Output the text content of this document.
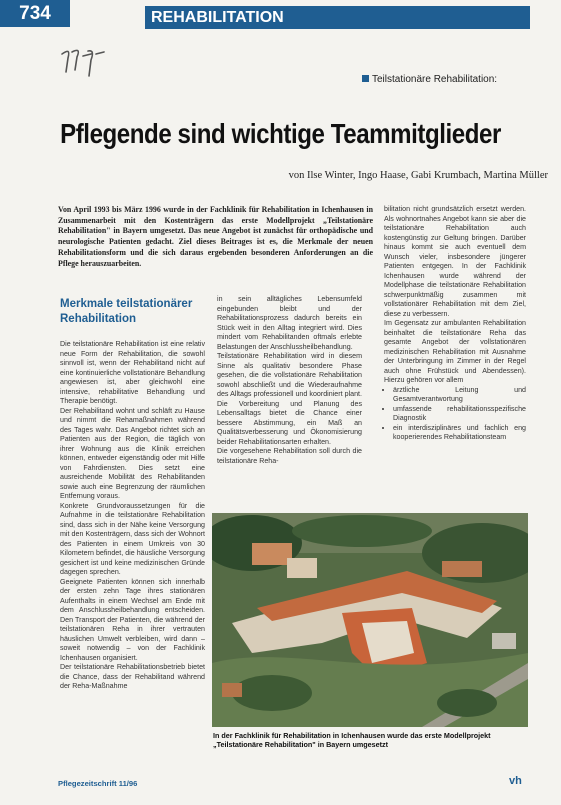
734	REHABILITATION
Teilstationäre Rehabilitation:
Pflegende sind wichtige Teammitglieder
von Ilse Winter, Ingo Haase, Gabi Krumbach, Martina Müller
Von April 1993 bis März 1996 wurde in der Fachklinik für Rehabilitation in Ichenhausen in Zusammenarbeit mit den Kostenträgern das erste Modellprojekt „Teilstationäre Rehabilitation" in Bayern umgesetzt. Das neue Angebot ist zunächst für orthopädische und neurologische Patienten gedacht. Ziel dieses Beitrages ist es, die Merkmale der neuen Rehabilitationsform und die sich daraus ergebenden besonderen Anforderungen an die Pflege herauszuarbeiten.
Merkmale teilstationärer Rehabilitation

Die teilstationäre Rehabilitation ist eine relativ neue Form der Rehabilitation, die sowohl sinnvoll ist, wenn der Rehabilitand nicht auf eine kontinuierliche vollstationäre Behandlung angewiesen ist, aber gleichwohl eine intensive, rehabilitative Behandlung und Therapie benötigt.

Der Rehabilitand wohnt und schläft zu Hause und nimmt die Rehamaßnahmen während des Tages wahr. Das Angebot richtet sich an Patienten aus der Region, die täglich von ihrer Wohnung aus die Klinik erreichen können, entweder eigenständig oder mit Hilfe von Fahrdiensten. Dies setzt eine ausreichende Mobilität des Rehabilitanden sowie auch eine Begrenzung der räumlichen Entfernung voraus.

Konkrete Grundvoraussetzungen für die Aufnahme in die teilstationäre Rehabilitation sind, dass sich in der Nähe keine Versorgung mit den Kostenträgern, dass sich der Wohnort des Patienten in einem Umkreis von 30 Kilometern befindet, die häusliche Versorgung gesichert ist und keine medizinischen Gründe dagegen sprechen.

Geeignete Patienten können sich innerhalb der ersten zehn Tage ihres stationären Aufenthalts in einem Wechsel am Ende mit dem Anschlussheilbehandlung entscheiden. Den Transport der Patienten, die während der teilstationären Reha in ihrer vertrauten häuslichen Umwelt verbleiben, wird dann – soweit notwendig – von der Fachklinik Ichenhausen organisiert.

Der teilstationäre Rehabilitationsbetrieb bietet die Chance, dass der Rehabilitand während der Reha-Maßnahme

in sein alltägliches Lebensumfeld eingebunden bleibt und der Rehabilitationsprozess dadurch bereits ein Stück weit in den Alltag integriert wird. Dies mindert vom Rehabilitanden oftmals erlebte Belastungen der Anschlussheilbehandlung.

Teilstationäre Rehabilitation wird in diesem Sinne als qualitativ besondere Phase gesehen, die die vollstationäre Rehabilitation sowohl abschließt und die Wiederaufnahme des Alltags professionell und koordiniert plant. Die Vorbereitung und Planung des Lebensalltags bietet die Chance einer bessere Abstimmung, ein Maß an Qualitätsverbesserung und Ökonomisierung beider Rehabilitationsarten erhalten.

Die vorgesehene Rehabilitation soll durch die teilstationäre Reha-

bilitation nicht grundsätzlich ersetzt werden. Als wohnortnahes Angebot kann sie aber die teilstationäre Rehabilitation auch kostengünstig zur Geltung bringen. Darüber hinaus kommt sie auch eventuell dem Wunsch vieler, insbesondere jüngerer Patienten entgegen. In der Fachklinik Ichenhausen wurde während der Modellphase die teilstationäre Rehabilitation schwerpunktmäßig zusammen mit vollstationärer Rehabilitation mit dem Ziel, diese zu verbessern.

Im Gegensatz zur ambulanten Rehabilitation beinhaltet die teilstationäre Reha das gesamte Angebot der vollstationären medizinischen Rehabilitation mit Ausnahme der Unterbringung im Zimmer in der Regel auch ohne Frühstück und Abendessen). Hierzu gehören vor allem

• ärztliche Leitung und Gesamtverantwortung
• umfassende rehabilitationsspezifische Diagnostik
• ein interdisziplinäres und fachlich eng kooperierendes Rehabilitationsteam
In der Fachklinik für Rehabilitation in Ichenhausen wurde das erste Modellprojekt „Teilstationäre Rehabilitation" in Bayern umgesetzt
Pflegezeitschrift 11/96	vh
